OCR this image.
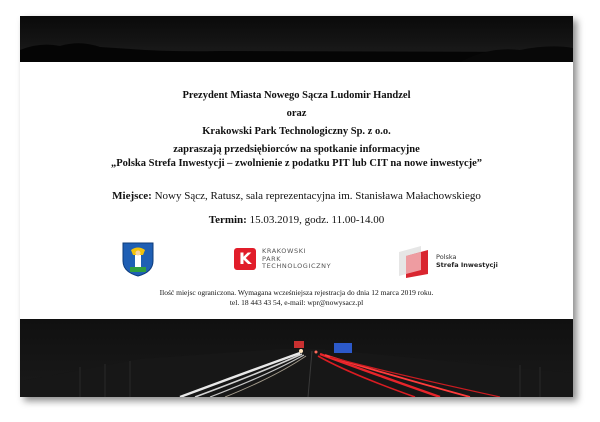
Prezydent Miasta Nowego Sącza Ludomir Handzel
oraz
Krakowski Park Technologiczny Sp. z o.o.
zapraszają przedsiębiorców na spotkanie informacyjne
„Polska Strefa Inwestycji – zwolnienie z podatku PIT lub CIT na nowe inwestycje”
Miejsce: Nowy Sącz, Ratusz, sala reprezentacyjna im. Stanisława Małachowskiego
Termin: 15.03.2019, godz. 11.00-14.00
K KRAKOWSKI
PARK
TECHNOLOGICZNY
Polska
Strefa Inwestycji
Ilość miejsc ograniczona. Wymagana wcześniejsza rejestracja do dnia 12 marca 2019 roku.
tel. 18 443 43 54, e-mail: wpr@nowysacz.pl
